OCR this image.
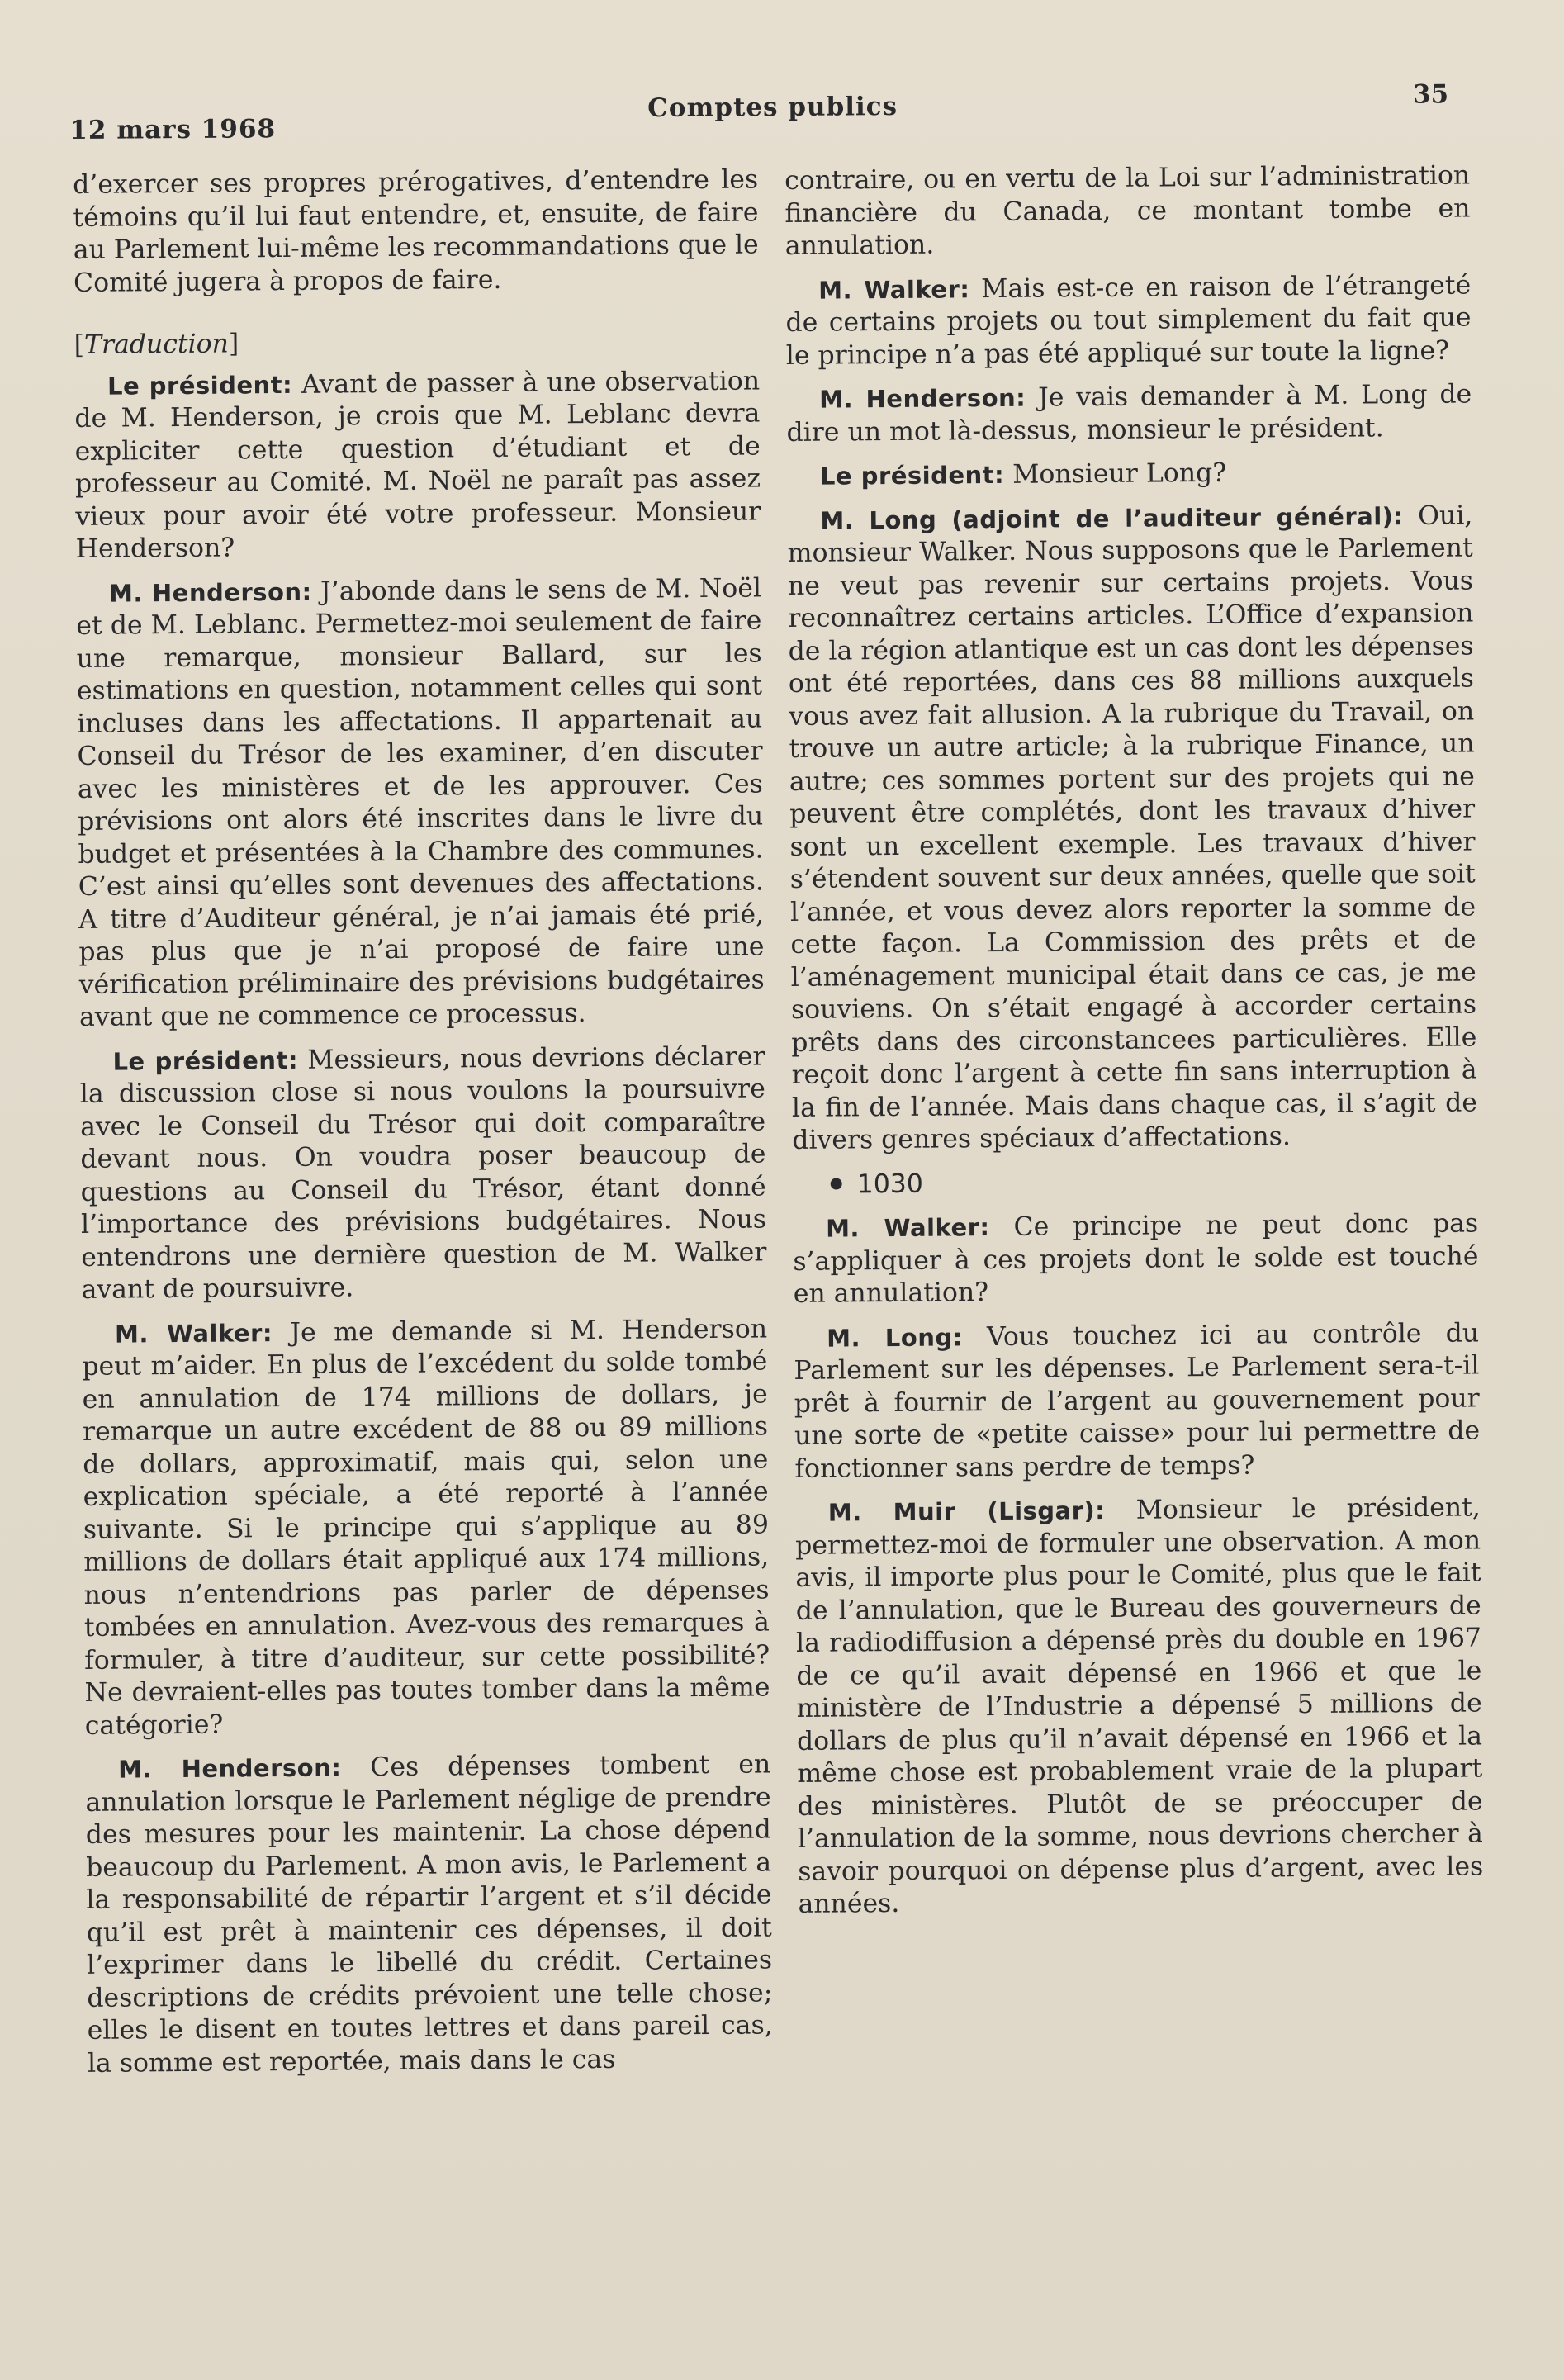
12 mars 1968
Comptes publics	35

d’exercer ses propres prérogatives, d’entendre les témoins qu’il lui faut entendre, et, ensuite, de faire au Parlement lui-même les recommandations que le Comité jugera à propos de faire.

[Traduction]

Le président: Avant de passer à une observation de M. Henderson, je crois que M. Leblanc devra expliciter cette question d’étudiant et de professeur au Comité. M. Noël ne paraît pas assez vieux pour avoir été votre professeur. Monsieur Henderson?

M. Henderson: J’abonde dans le sens de M. Noël et de M. Leblanc. Permettez-moi seulement de faire une remarque, monsieur Ballard, sur les estimations en question, notamment celles qui sont incluses dans les affectations. Il appartenait au Conseil du Trésor de les examiner, d’en discuter avec les ministères et de les approuver. Ces prévisions ont alors été inscrites dans le livre du budget et présentées à la Chambre des communes. C’est ainsi qu’elles sont devenues des affectations. A titre d’Auditeur général, je n’ai jamais été prié, pas plus que je n’ai proposé de faire une vérification préliminaire des prévisions budgétaires avant que ne commence ce processus.

Le président: Messieurs, nous devrions déclarer la discussion close si nous voulons la poursuivre avec le Conseil du Trésor qui doit comparaître devant nous. On voudra poser beaucoup de questions au Conseil du Trésor, étant donné l’importance des prévisions budgétaires. Nous entendrons une dernière question de M. Walker avant de poursuivre.

M. Walker: Je me demande si M. Henderson peut m’aider. En plus de l’excédent du solde tombé en annulation de 174 millions de dollars, je remarque un autre excédent de 88 ou 89 millions de dollars, approximatif, mais qui, selon une explication spéciale, a été reporté à l’année suivante. Si le principe qui s’applique au 89 millions de dollars était appliqué aux 174 millions, nous n’entendrions pas parler de dépenses tombées en annulation. Avez-vous des remarques à formuler, à titre d’auditeur, sur cette possibilité? Ne devraient-elles pas toutes tomber dans la même catégorie?

M. Henderson: Ces dépenses tombent en annulation lorsque le Parlement néglige de prendre des mesures pour les maintenir. La chose dépend beaucoup du Parlement. A mon avis, le Parlement a la responsabilité de répartir l’argent et s’il décide qu’il est prêt à maintenir ces dépenses, il doit l’exprimer dans le libellé du crédit. Certaines descriptions de crédits prévoient une telle chose; elles le disent en toutes lettres et dans pareil cas, la somme est reportée, mais dans le cas

contraire, ou en vertu de la Loi sur l’administration financière du Canada, ce montant tombe en annulation.

M. Walker: Mais est-ce en raison de l’étrangeté de certains projets ou tout simplement du fait que le principe n’a pas été appliqué sur toute la ligne?

M. Henderson: Je vais demander à M. Long de dire un mot là-dessus, monsieur le président.

Le président: Monsieur Long?

M. Long (adjoint de l’auditeur général): Oui, monsieur Walker. Nous supposons que le Parlement ne veut pas revenir sur certains projets. Vous reconnaîtrez certains articles. L’Office d’expansion de la région atlantique est un cas dont les dépenses ont été reportées, dans ces 88 millions auxquels vous avez fait allusion. A la rubrique du Travail, on trouve un autre article; à la rubrique Finance, un autre; ces sommes portent sur des projets qui ne peuvent être complétés, dont les travaux d’hiver sont un excellent exemple. Les travaux d’hiver s’étendent souvent sur deux années, quelle que soit l’année, et vous devez alors reporter la somme de cette façon. La Commission des prêts et de l’aménagement municipal était dans ce cas, je me souviens. On s’était engagé à accorder certains prêts dans des circonstancees particulières. Elle reçoit donc l’argent à cette fin sans interruption à la fin de l’année. Mais dans chaque cas, il s’agit de divers genres spéciaux d’affectations.

1030

M. Walker: Ce principe ne peut donc pas s’appliquer à ces projets dont le solde est touché en annulation?

M. Long: Vous touchez ici au contrôle du Parlement sur les dépenses. Le Parlement sera-t-il prêt à fournir de l’argent au gouvernement pour une sorte de «petite caisse» pour lui permettre de fonctionner sans perdre de temps?

M. Muir (Lisgar): Monsieur le président, permettez-moi de formuler une observation. A mon avis, il importe plus pour le Comité, plus que le fait de l’annulation, que le Bureau des gouverneurs de la radiodiffusion a dépensé près du double en 1967 de ce qu’il avait dépensé en 1966 et que le ministère de l’Industrie a dépensé 5 millions de dollars de plus qu’il n’avait dépensé en 1966 et la même chose est probablement vraie de la plupart des ministères. Plutôt de se préoccuper de l’annulation de la somme, nous devrions chercher à savoir pourquoi on dépense plus d’argent, avec les années.
